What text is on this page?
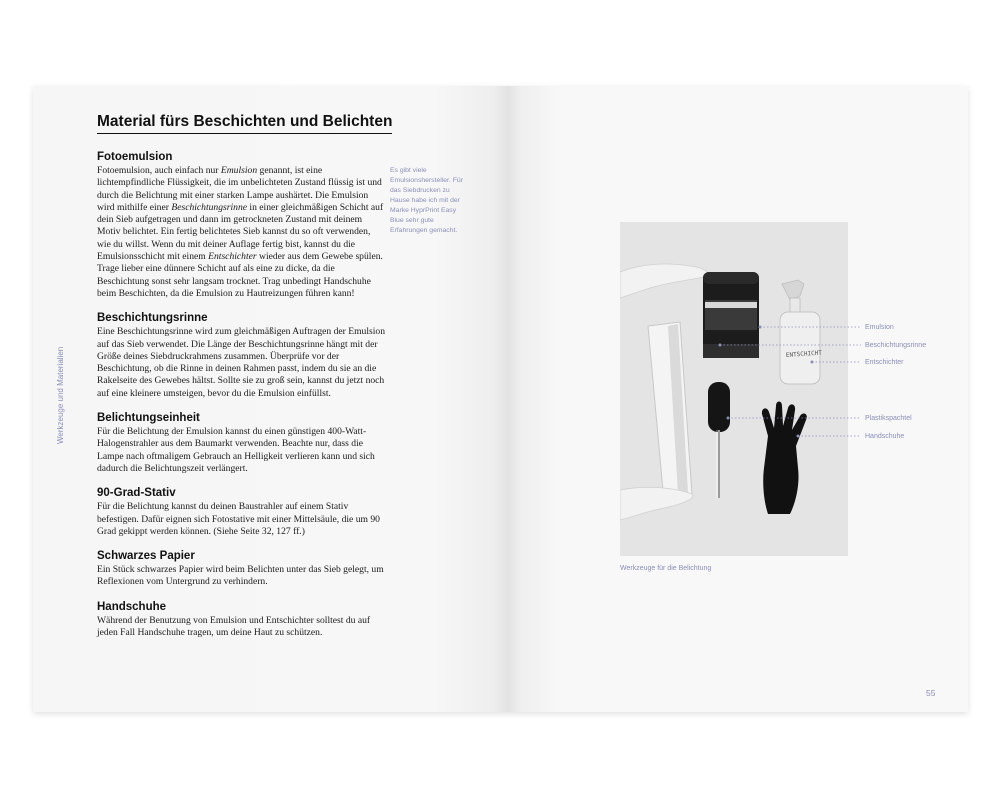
Werkzeuge und Materialien
Material fürs Beschichten und Belichten
Fotoemulsion

Fotoemulsion, auch einfach nur Emulsion genannt, ist eine lichtempfindliche Flüssigkeit, die im unbelichteten Zustand flüssig ist und durch die Belichtung mit einer starken Lampe aushärtet. Die Emulsion wird mithilfe einer Beschichtungsrinne in einer gleichmäßigen Schicht auf dein Sieb aufgetragen und dann im getrockneten Zustand mit deinem Motiv belichtet. Ein fertig belichtetes Sieb kannst du so oft verwenden, wie du willst. Wenn du mit deiner Auflage fertig bist, kannst du die Emulsionsschicht mit einem Entschichter wieder aus dem Gewebe spülen. Trage lieber eine dünnere Schicht auf als eine zu dicke, da die Beschichtung sonst sehr langsam trocknet. Trag unbedingt Handschuhe beim Beschichten, da die Emulsion zu Hautreizungen führen kann!

Beschichtungsrinne

Eine Beschichtungsrinne wird zum gleichmäßigen Auftragen der Emulsion auf das Sieb verwendet. Die Länge der Beschichtungsrinne hängt mit der Größe deines Siebdruckrahmens zusammen. Überprüfe vor der Beschichtung, ob die Rinne in deinen Rahmen passt, indem du sie an die Rakelseite des Gewebes hältst. Sollte sie zu groß sein, kannst du jetzt noch auf eine kleinere umsteigen, bevor du die Emulsion einfüllst.

Belichtungseinheit

Für die Belichtung der Emulsion kannst du einen günstigen 400-Watt-Halogenstrahler aus dem Baumarkt verwenden. Beachte nur, dass die Lampe nach oftmaligem Gebrauch an Helligkeit verlieren kann und sich dadurch die Belichtungszeit verlängert.

90-Grad-Stativ

Für die Belichtung kannst du deinen Baustrahler auf einem Stativ befestigen. Dafür eignen sich Fotostative mit einer Mittelsäule, die um 90 Grad gekippt werden können. (Siehe Seite 32, 127 ff.)

Schwarzes Papier

Ein Stück schwarzes Papier wird beim Belichten unter das Sieb gelegt, um Reflexionen vom Untergrund zu verhindern.

Handschuhe

Während der Benutzung von Emulsion und Entschichter solltest du auf jeden Fall Handschuhe tragen, um deine Haut zu schützen.

Es gibt viele Emulsionshersteller. Für das Siebdrucken zu Hause habe ich mit der Marke HyprPrint Easy Blue sehr gute Erfahrungen gemacht.
ENTSCHICHT
Emulsion
Beschichtungsrinne
Entschichter
Plastikspachtel
Handschuhe
Werkzeuge für die Belichtung
55
